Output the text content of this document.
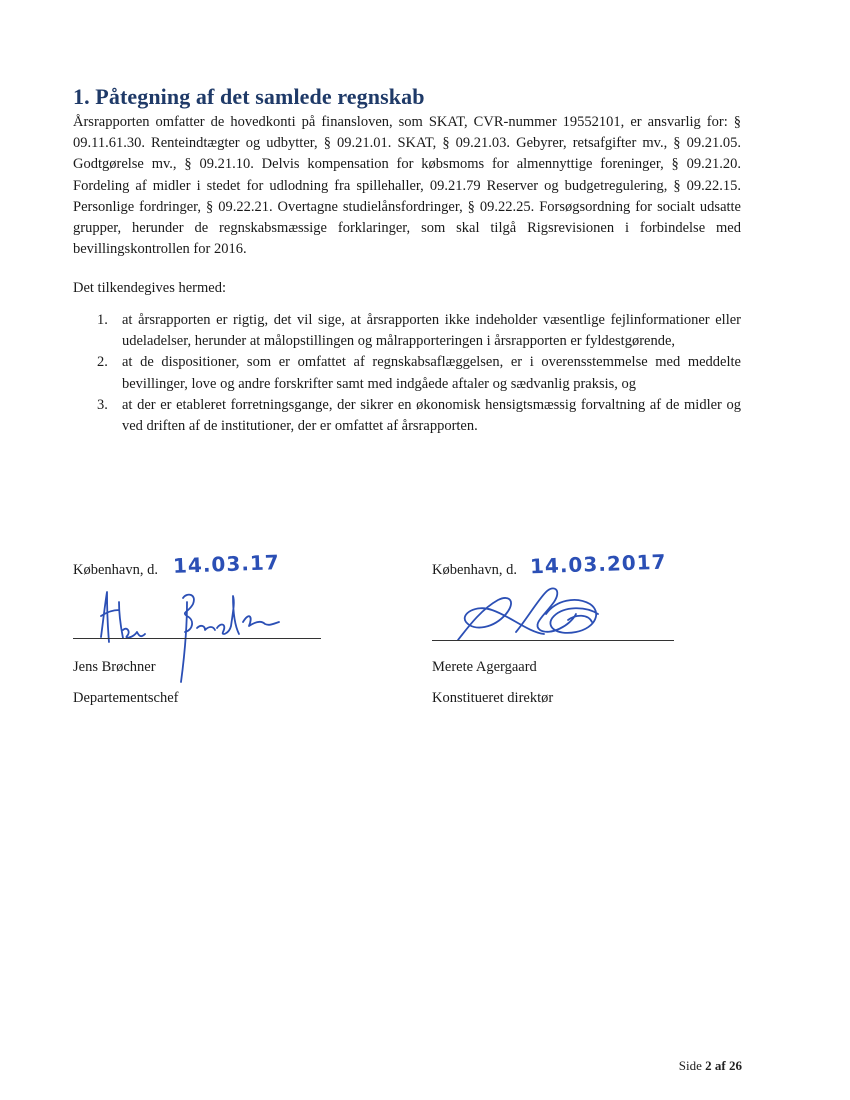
1. Påtegning af det samlede regnskab

Årsrapporten omfatter de hovedkonti på finansloven, som SKAT, CVR-nummer 19552101, er ansvarlig for: § 09.11.61.30. Renteindtægter og udbytter, § 09.21.01. SKAT, § 09.21.03. Gebyrer, retsafgifter mv., § 09.21.05. Godtgørelse mv., § 09.21.10. Delvis kompensation for købsmoms for almennyttige foreninger, § 09.21.20. Fordeling af midler i stedet for udlodning fra spillehaller, 09.21.79 Reserver og budgetregulering, § 09.22.15. Personlige fordringer, § 09.22.21. Overtagne studielånsfordringer, § 09.22.25. Forsøgsordning for socialt udsatte grupper, herunder de regnskabsmæssige forklaringer, som skal tilgå Rigsrevisionen i forbindelse med bevillingskontrollen for 2016.

Det tilkendegives hermed:

1. at årsrapporten er rigtig, det vil sige, at årsrapporten ikke indeholder væsentlige fejlinformationer eller udeladelser, herunder at målopstillingen og målrapporteringen i årsrapporten er fyldestgørende,
2. at de dispositioner, som er omfattet af regnskabsaflæggelsen, er i overensstemmelse med meddelte bevillinger, love og andre forskrifter samt med indgåede aftaler og sædvanlig praksis, og
3. at der er etableret forretningsgange, der sikrer en økonomisk hensigtsmæssig forvaltning af de midler og ved driften af de institutioner, der er omfattet af årsrapporten.
København, d. 14.03.17
Jens Brøchner
Departementschef
København, d. 14.03.2017
Merete Agergaard
Konstitueret direktør
Side 2 af 26
